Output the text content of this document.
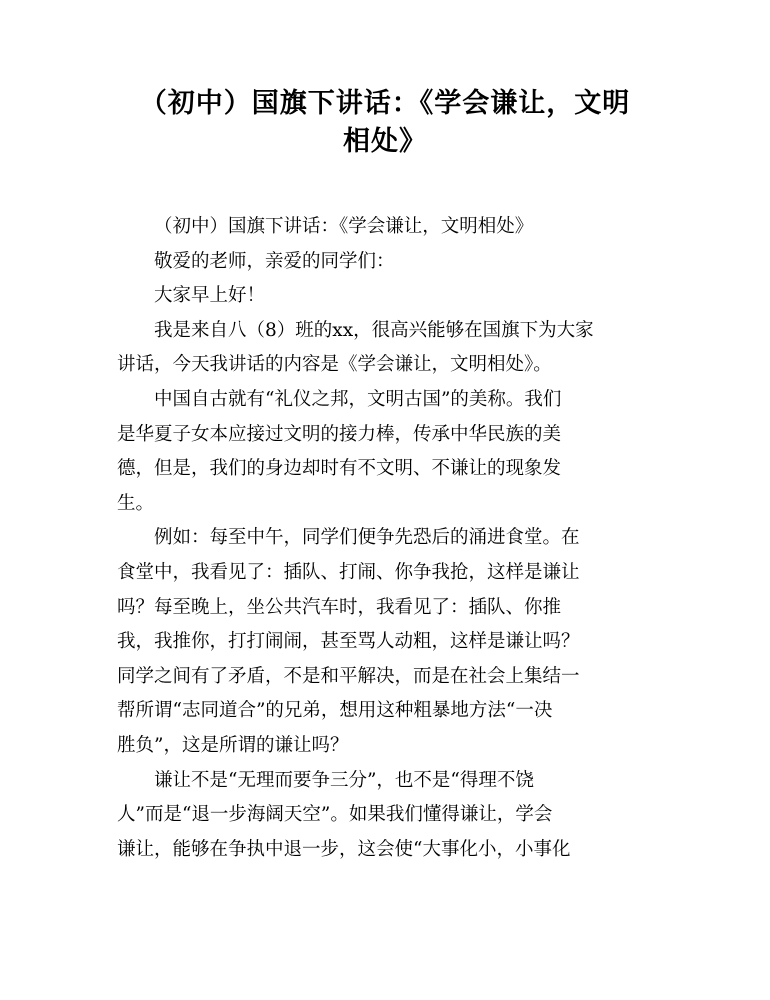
（初中）国旗下讲话：《学会谦让，文明
相处》

（初中）国旗下讲话：《学会谦让，文明相处》

敬爱的老师，亲爱的同学们：

大家早上好！

我是来自八（8）班的xx，很高兴能够在国旗下为大家
讲话，今天我讲话的内容是《学会谦让，文明相处》。

中国自古就有“礼仪之邦，文明古国”的美称。我们
是华夏子女本应接过文明的接力棒，传承中华民族的美
德，但是，我们的身边却时有不文明、不谦让的现象发
生。

例如：每至中午，同学们便争先恐后的涌进食堂。在
食堂中，我看见了：插队、打闹、你争我抢，这样是谦让
吗？每至晚上，坐公共汽车时，我看见了：插队、你推
我，我推你，打打闹闹，甚至骂人动粗，这样是谦让吗？
同学之间有了矛盾，不是和平解决，而是在社会上集结一
帮所谓“志同道合”的兄弟，想用这种粗暴地方法“一决
胜负”，这是所谓的谦让吗？

谦让不是“无理而要争三分”，也不是“得理不饶
人”而是“退一步海阔天空”。如果我们懂得谦让，学会
谦让，能够在争执中退一步，这会使“大事化小，小事化
